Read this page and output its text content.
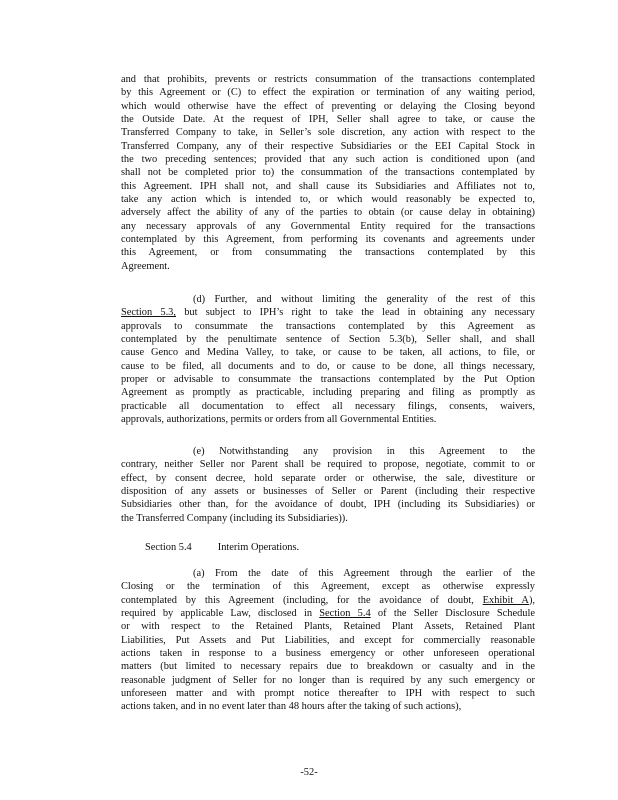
and that prohibits, prevents or restricts consummation of the transactions contemplated
by this Agreement or (C) to effect the expiration or termination of any waiting period,
which would otherwise have the effect of preventing or delaying the Closing beyond
the Outside Date. At the request of IPH, Seller shall agree to take, or cause the
Transferred Company to take, in Seller’s sole discretion, any action with respect to the
Transferred Company, any of their respective Subsidiaries or the EEI Capital Stock in
the two preceding sentences; provided that any such action is conditioned upon (and
shall not be completed prior to) the consummation of the transactions contemplated by
this Agreement. IPH shall not, and shall cause its Subsidiaries and Affiliates not to,
take any action which is intended to, or which would reasonably be expected to,
adversely affect the ability of any of the parties to obtain (or cause delay in obtaining)
any necessary approvals of any Governmental Entity required for the transactions
contemplated by this Agreement, from performing its covenants and agreements under
this Agreement, or from consummating the transactions contemplated by this
Agreement.
(d) Further, and without limiting the generality of the rest of this
Section 5.3, but subject to IPH’s right to take the lead in obtaining any necessary
approvals to consummate the transactions contemplated by this Agreement as
contemplated by the penultimate sentence of Section 5.3(b), Seller shall, and shall
cause Genco and Medina Valley, to take, or cause to be taken, all actions, to file, or
cause to be filed, all documents and to do, or cause to be done, all things necessary,
proper or advisable to consummate the transactions contemplated by the Put Option
Agreement as promptly as practicable, including preparing and filing as promptly as
practicable all documentation to effect all necessary filings, consents, waivers,
approvals, authorizations, permits or orders from all Governmental Entities.
(e) Notwithstanding any provision in this Agreement to the
contrary, neither Seller nor Parent shall be required to propose, negotiate, commit to or
effect, by consent decree, hold separate order or otherwise, the sale, divestiture or
disposition of any assets or businesses of Seller or Parent (including their respective
Subsidiaries other than, for the avoidance of doubt, IPH (including its Subsidiaries) or
the Transferred Company (including its Subsidiaries)).
Section 5.4	Interim Operations.
(a) From the date of this Agreement through the earlier of the
Closing or the termination of this Agreement, except as otherwise expressly
contemplated by this Agreement (including, for the avoidance of doubt, Exhibit A),
required by applicable Law, disclosed in Section 5.4 of the Seller Disclosure Schedule
or with respect to the Retained Plants, Retained Plant Assets, Retained Plant
Liabilities, Put Assets and Put Liabilities, and except for commercially reasonable
actions taken in response to a business emergency or other unforeseen operational
matters (but limited to necessary repairs due to breakdown or casualty and in the
reasonable judgment of Seller for no longer than is required by any such emergency or
unforeseen matter and with prompt notice thereafter to IPH with respect to such
actions taken, and in no event later than 48 hours after the taking of such actions),
-52-
